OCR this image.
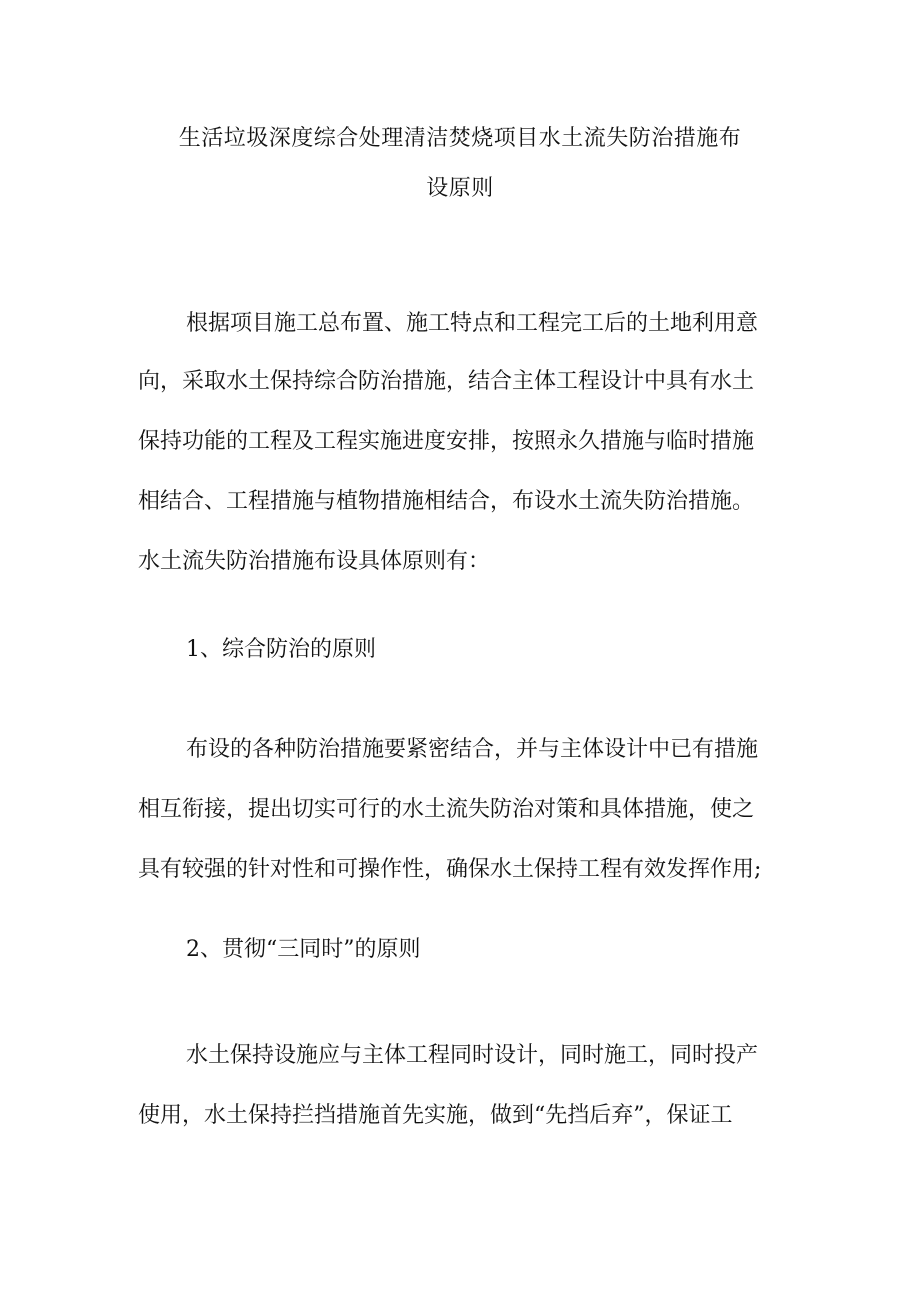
生活垃圾深度综合处理清洁焚烧项目水土流失防治措施布
设原则
根据项目施工总布置、施工特点和工程完工后的土地利用意
向，采取水土保持综合防治措施，结合主体工程设计中具有水土
保持功能的工程及工程实施进度安排，按照永久措施与临时措施
相结合、工程措施与植物措施相结合，布设水土流失防治措施。
水土流失防治措施布设具体原则有：
1、综合防治的原则
布设的各种防治措施要紧密结合，并与主体设计中已有措施
相互衔接，提出切实可行的水土流失防治对策和具体措施，使之
具有较强的针对性和可操作性，确保水土保持工程有效发挥作用;
2、贯彻“三同时”的原则
水土保持设施应与主体工程同时设计，同时施工，同时投产
使用，水土保持拦挡措施首先实施，做到“先挡后弃”，保证工
